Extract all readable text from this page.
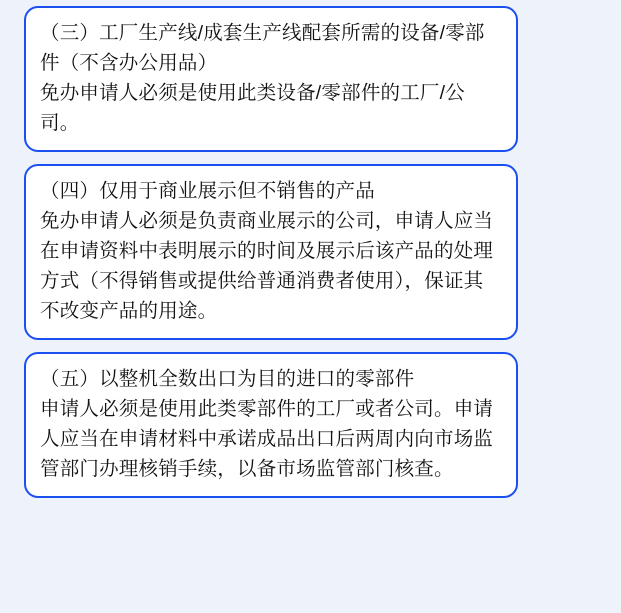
（三）工厂生产线/成套生产线配套所需的设备/零部件（不含办公用品）

免办申请人必须是使用此类设备/零部件的工厂/公司。

（四）仅用于商业展示但不销售的产品

免办申请人必须是负责商业展示的公司，申请人应当在申请资料中表明展示的时间及展示后该产品的处理方式（不得销售或提供给普通消费者使用），保证其不改变产品的用途。

（五）以整机全数出口为目的进口的零部件

申请人必须是使用此类零部件的工厂或者公司。申请人应当在申请材料中承诺成品出口后两周内向市场监管部门办理核销手续，以备市场监管部门核查。
